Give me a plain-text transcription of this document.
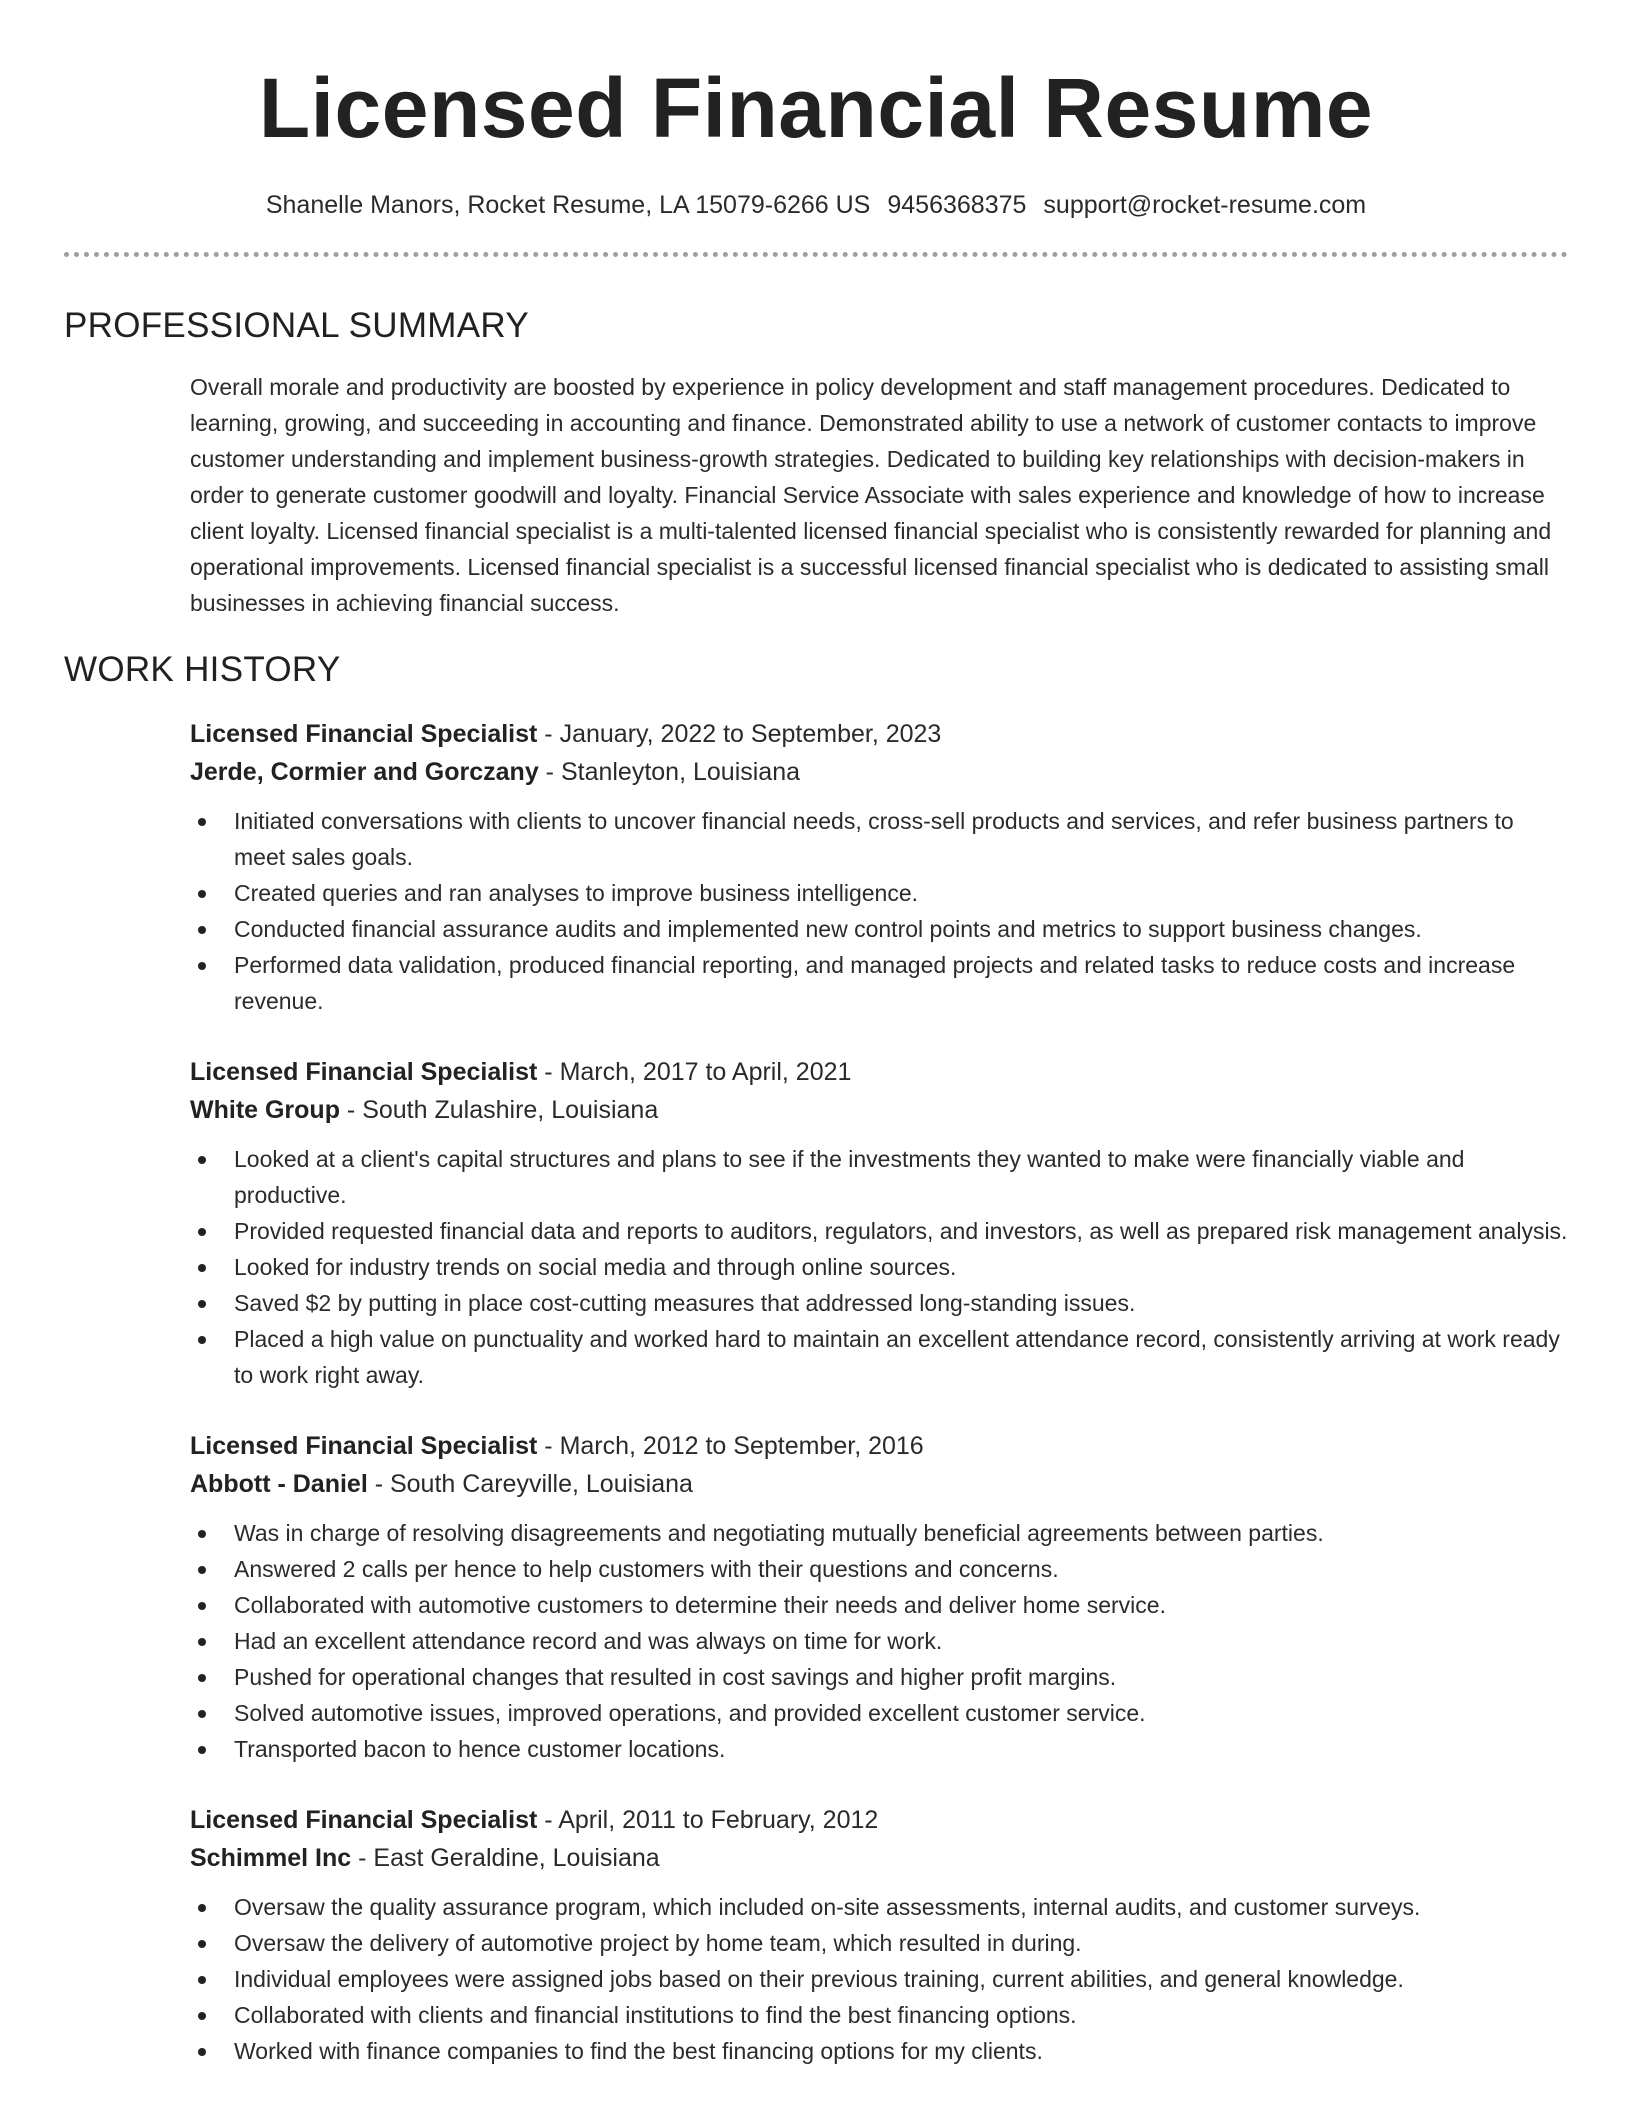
Licensed Financial Resume
Shanelle Manors, Rocket Resume, LA 15079-6266 US 9456368375 support@rocket-resume.com
PROFESSIONAL SUMMARY

Overall morale and productivity are boosted by experience in policy development and staff management procedures. Dedicated to learning, growing, and succeeding in accounting and finance. Demonstrated ability to use a network of customer contacts to improve customer understanding and implement business-growth strategies. Dedicated to building key relationships with decision-makers in order to generate customer goodwill and loyalty. Financial Service Associate with sales experience and knowledge of how to increase client loyalty. Licensed financial specialist is a multi-talented licensed financial specialist who is consistently rewarded for planning and operational improvements. Licensed financial specialist is a successful licensed financial specialist who is dedicated to assisting small businesses in achieving financial success.

WORK HISTORY
Licensed Financial Specialist - January, 2022 to September, 2023
Jerde, Cormier and Gorczany - Stanleyton, Louisiana
Initiated conversations with clients to uncover financial needs, cross-sell products and services, and refer business partners to meet sales goals.
Created queries and ran analyses to improve business intelligence.
Conducted financial assurance audits and implemented new control points and metrics to support business changes.
Performed data validation, produced financial reporting, and managed projects and related tasks to reduce costs and increase revenue.
Licensed Financial Specialist - March, 2017 to April, 2021
White Group - South Zulashire, Louisiana
Looked at a client's capital structures and plans to see if the investments they wanted to make were financially viable and productive.
Provided requested financial data and reports to auditors, regulators, and investors, as well as prepared risk management analysis.
Looked for industry trends on social media and through online sources.
Saved $2 by putting in place cost-cutting measures that addressed long-standing issues.
Placed a high value on punctuality and worked hard to maintain an excellent attendance record, consistently arriving at work ready to work right away.
Licensed Financial Specialist - March, 2012 to September, 2016
Abbott - Daniel - South Careyville, Louisiana
Was in charge of resolving disagreements and negotiating mutually beneficial agreements between parties.
Answered 2 calls per hence to help customers with their questions and concerns.
Collaborated with automotive customers to determine their needs and deliver home service.
Had an excellent attendance record and was always on time for work.
Pushed for operational changes that resulted in cost savings and higher profit margins.
Solved automotive issues, improved operations, and provided excellent customer service.
Transported bacon to hence customer locations.
Licensed Financial Specialist - April, 2011 to February, 2012
Schimmel Inc - East Geraldine, Louisiana
Oversaw the quality assurance program, which included on-site assessments, internal audits, and customer surveys.
Oversaw the delivery of automotive project by home team, which resulted in during.
Individual employees were assigned jobs based on their previous training, current abilities, and general knowledge.
Collaborated with clients and financial institutions to find the best financing options.
Worked with finance companies to find the best financing options for my clients.
